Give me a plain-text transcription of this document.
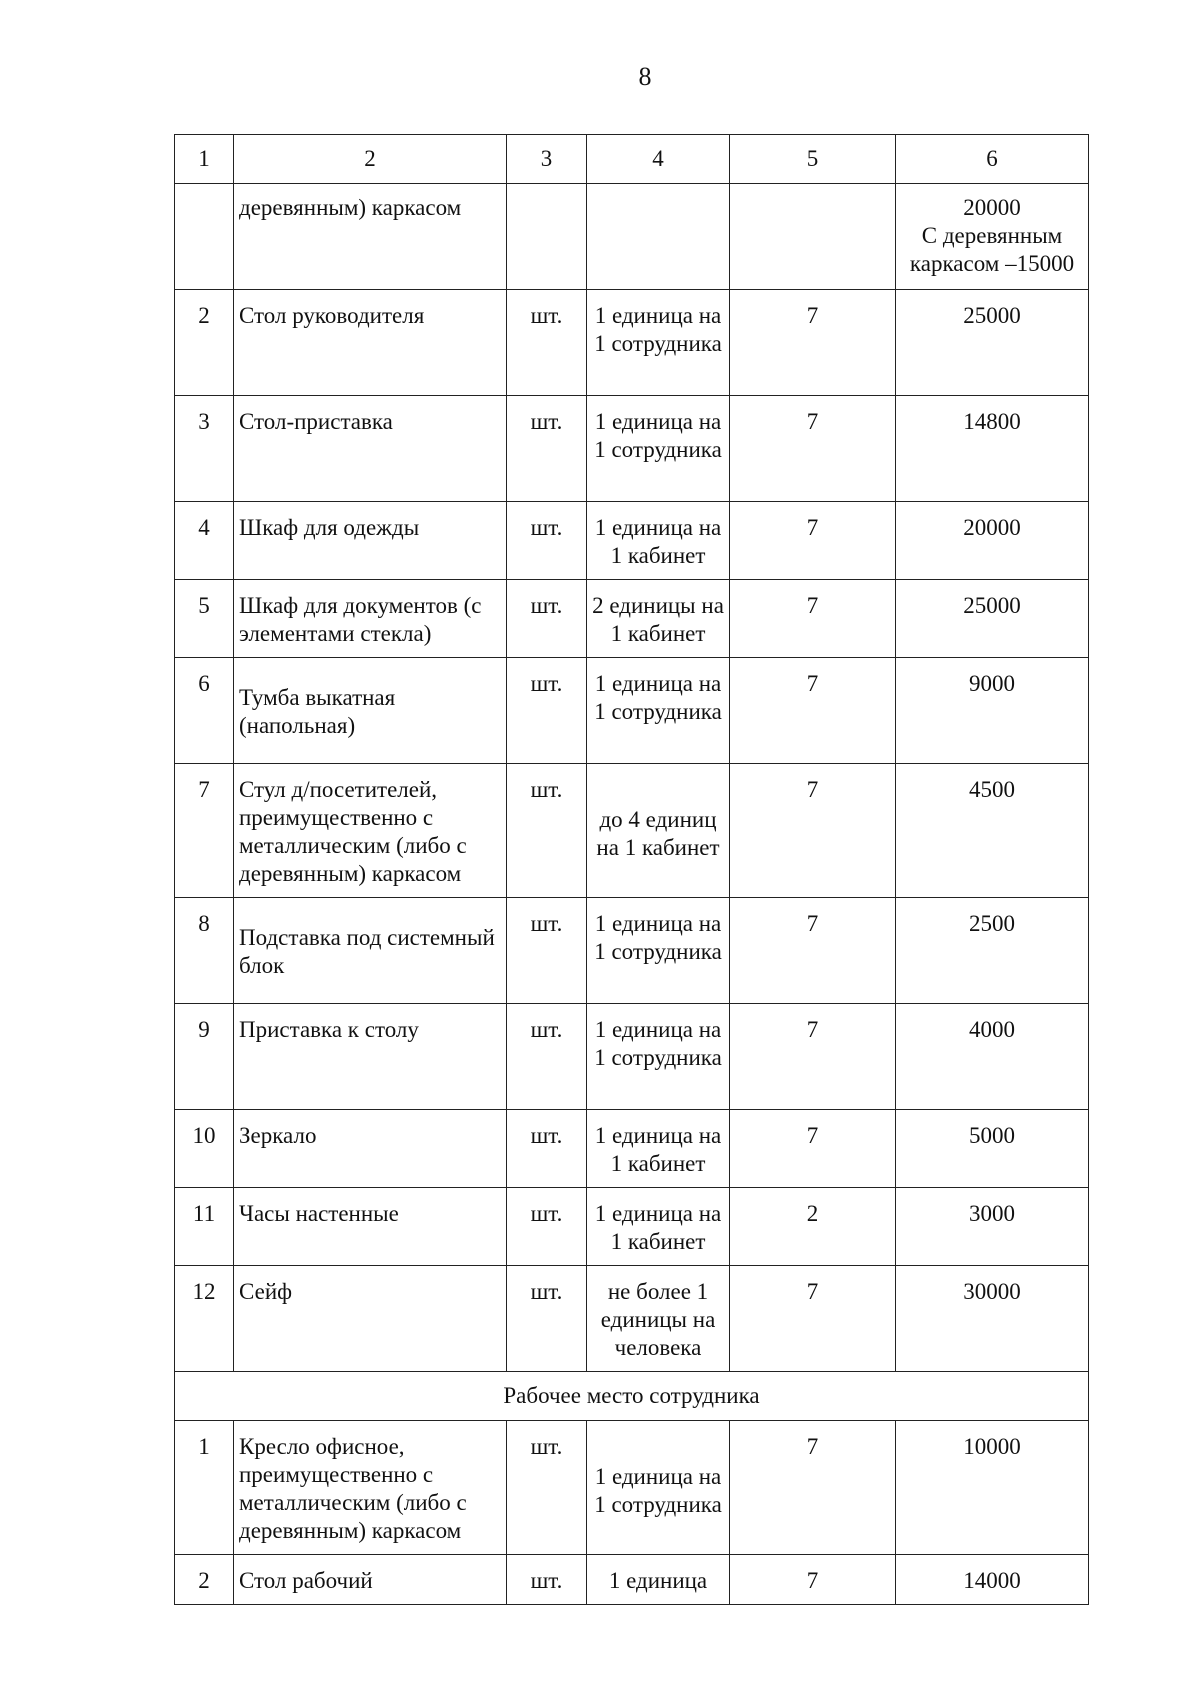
8
1	2	3	4	5	6
	деревянным) каркасом				20000
С деревянным
каркасом –15000

2	Стол руководителя	шт.	1 единица на 1 сотрудника	7	25000
3	Стол-приставка	шт.	1 единица на 1 сотрудника	7	14800
4	Шкаф для одежды	шт.	1 единица на 1 кабинет	7	20000
5	Шкаф для документов (с элементами стекла)	шт.	2 единицы на 1 кабинет	7	25000
6	Тумба выкатная (напольная)	шт.	1 единица на 1 сотрудника	7	9000
7	Стул д/посетителей, преимущественно с металлическим (либо с деревянным) каркасом	шт.	до 4 единиц на 1 кабинет	7	4500
8	Подставка под системный блок	шт.	1 единица на 1 сотрудника	7	2500
9	Приставка к столу	шт.	1 единица на 1 сотрудника	7	4000
10	Зеркало	шт.	1 единица на 1 кабинет	7	5000
11	Часы настенные	шт.	1 единица на 1 кабинет	2	3000
12	Сейф	шт.	не более 1 единицы на человека	7	30000
Рабочее место сотрудника					
1	Кресло офисное, преимущественно с металлическим (либо с деревянным) каркасом	шт.	1 единица на 1 сотрудника	7	10000
2	Стол рабочий	шт.	1 единица	7	14000
